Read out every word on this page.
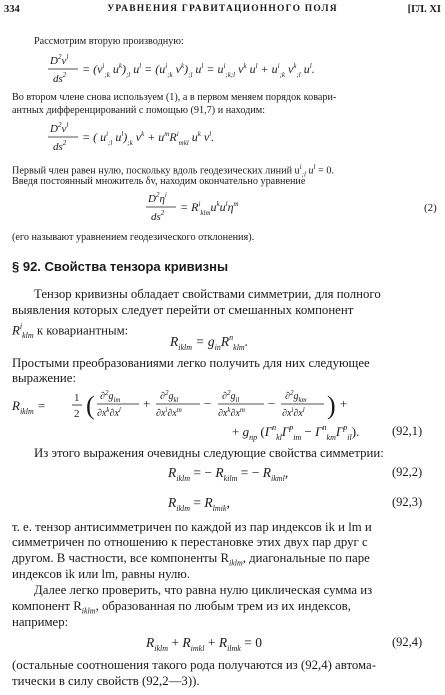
334	УРАВНЕНИЯ ГРАВИТАЦИОННОГО ПОЛЯ	[ГЛ. XI
Рассмотрим вторую производную:
$D^2v^l$
$ds^2 = (v^i_{;k}$ $u^k)_{;l}$ $u^l = (u^i_{;k}$ $v^k)_{;l}$ $u^l = u^i_{;k;l}$ $v^k$ $u^l + u^i_{;k}$ $v^k_{;l}$ $u^l$.
Во втором члене снова используем (1), а в первом меняем порядок ковари-
антных дифференцирований с помощью (91,7) и находим:
$D^2v^l$
$ds^2$ = ( $u^i_{;l}$ $u^l)_{;k}$ $v^k + u^mR^i_{mkl}$ $u^k$ $v^l$.
Первый член равен нулю, поскольку вдоль геодезических линий $u^i_{;l}$ $u^l = 0$.
Введя постоянный множитель δv, находим окончательно уравнение
$D^2\eta^i$
$ds^2 = R^i_{klm}u^ku^l\eta^m$	(2)
(его называют уравнением геодезического отклонения).
§ 92. Свойства тензора кривизны
Тензор кривизны обладает свойствами симметрии, для полного
выявления которых следует перейти от смешанных компонент
$R^i_{klm}$ к ковариантным:
$R_{iklm} = g_{in}R^n_{klm}$.
Простыми преобразованиями легко получить для них следующее
выражение:
$R_{iklm}$ =	1
2 ( $\partial^2g_{im}$
$\partial x^k\partial x^l + \partial^2g_{kl}$
$\partial x^i\partial x^m - \partial^2g_{il}$
$\partial x^k\partial x^m - \partial^2g_{km}$
$\partial x^i\partial x^l$ ) +
+ $g_{np}$ $(\Gamma^n_{kl}\Gamma^p_{im} - \Gamma^n_{km}\Gamma^p_{il})$.	(92,1)
Из этого выражения очевидны следующие свойства симметрии:
$R_{iklm}$ = − $R_{kilm}$ = − $R_{ikml}$,	(92,2)
$R_{iklm} = R_{lmik}$,	(92,3)
т. е. тензор антисимметричен по каждой из пар индексов ik и lm и
симметричен по отношению к перестановке этих двух пар друг с
другом. В частности, все компоненты $R_{iklm}$, диагональные по паре
индексов ik или lm, равны нулю.
Далее легко проверить, что равна нулю циклическая сумма из
компонент $R_{iklm}$, образованная по любым трем из их индексов,
например:
$R_{iklm} + R_{imkl} + R_{ilmk} = 0$	(92,4)
(остальные соотношения такого рода получаются из (92,4) автома-
тически в силу свойств (92,2—3)).
